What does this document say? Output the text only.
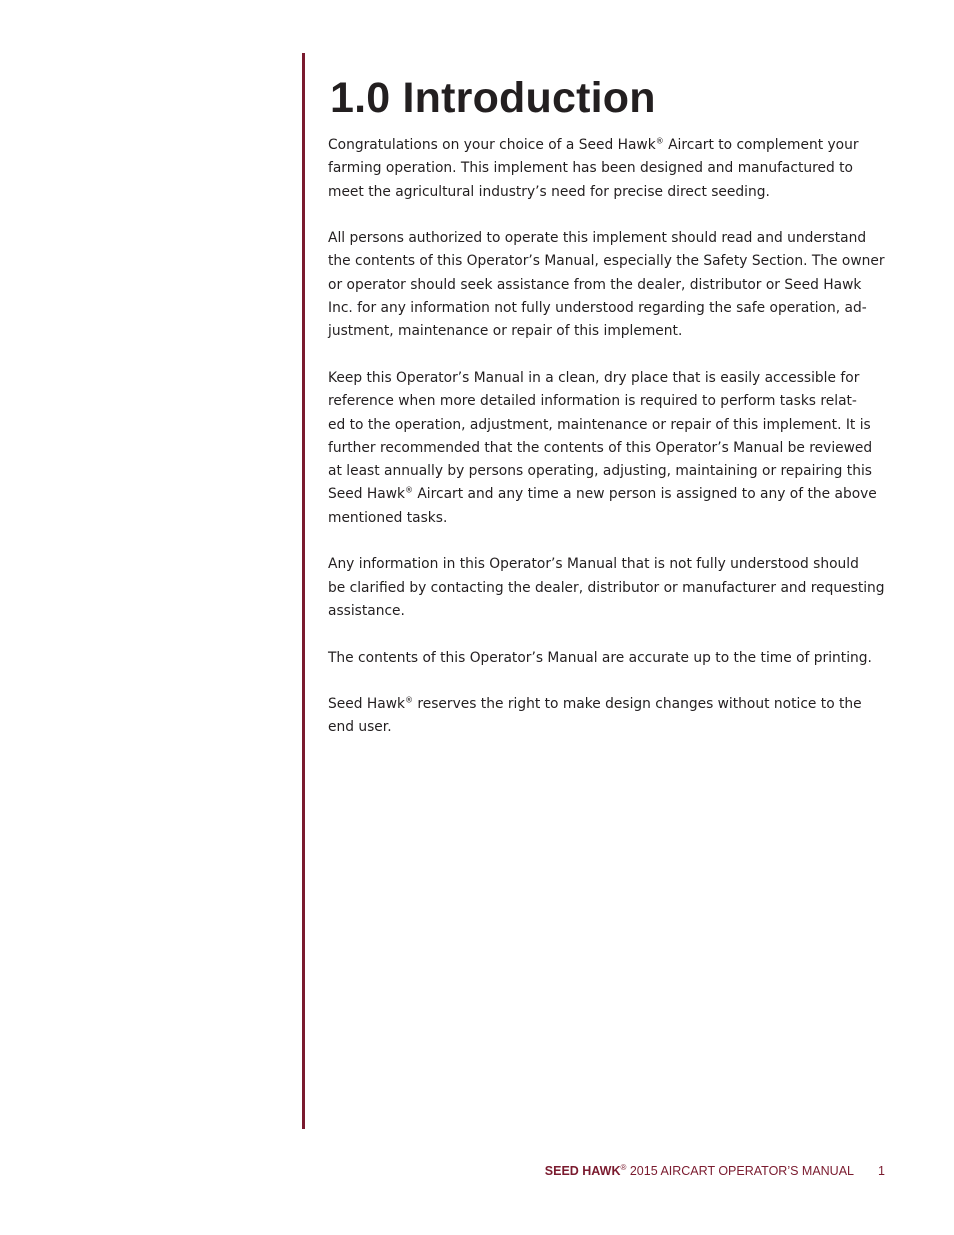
1.0 Introduction

Congratulations on your choice of a Seed Hawk® Aircart to complement your
farming operation. This implement has been designed and manufactured to
meet the agricultural industry’s need for precise direct seeding.

All persons authorized to operate this implement should read and understand
the contents of this Operator’s Manual, especially the Safety Section. The owner
or operator should seek assistance from the dealer, distributor or Seed Hawk
Inc. for any information not fully understood regarding the safe operation, ad-
justment, maintenance or repair of this implement.

Keep this Operator’s Manual in a clean, dry place that is easily accessible for
reference when more detailed information is required to perform tasks relat-
ed to the operation, adjustment, maintenance or repair of this implement. It is
further recommended that the contents of this Operator’s Manual be reviewed
at least annually by persons operating, adjusting, maintaining or repairing this
Seed Hawk® Aircart and any time a new person is assigned to any of the above
mentioned tasks.

Any information in this Operator’s Manual that is not fully understood should
be clarified by contacting the dealer, distributor or manufacturer and requesting
assistance.

The contents of this Operator’s Manual are accurate up to the time of printing.

Seed Hawk® reserves the right to make design changes without notice to the
end user.

SEED HAWK® 2015 AIRCART OPERATOR’S MANUAL 1
